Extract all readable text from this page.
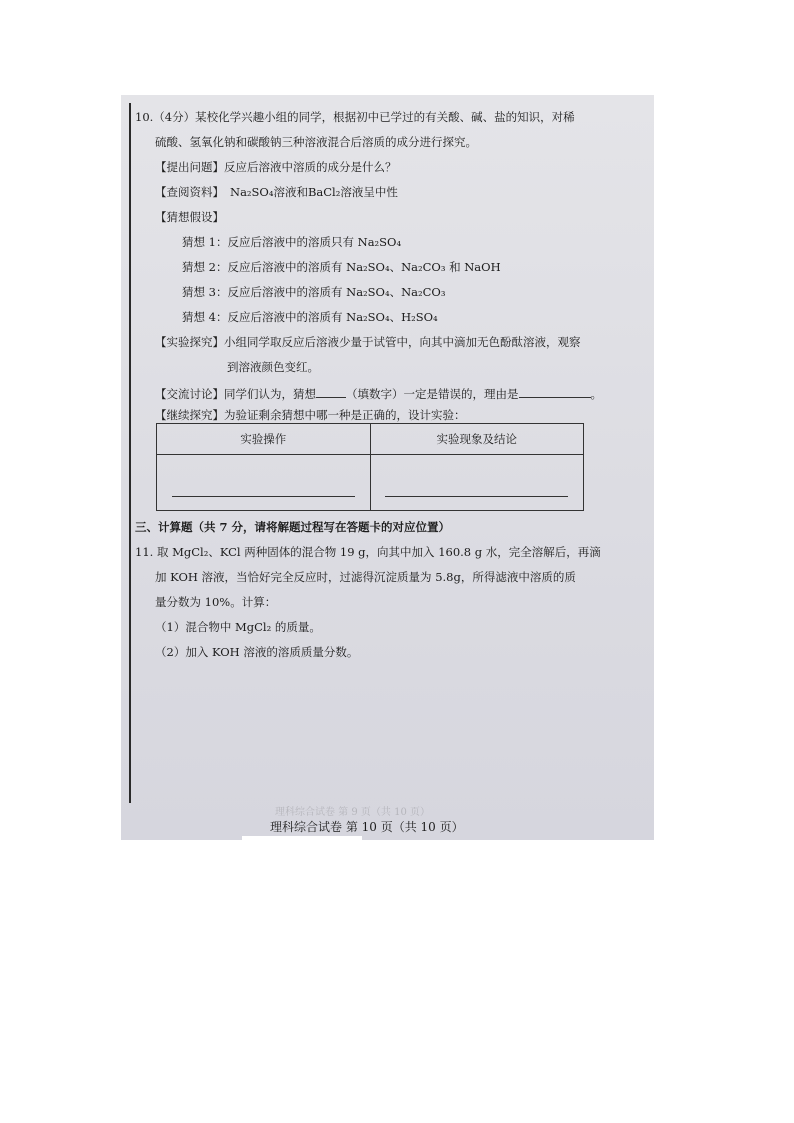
10.（4分）某校化学兴趣小组的同学，根据初中已学过的有关酸、碱、盐的知识，对稀
硫酸、氢氧化钠和碳酸钠三种溶液混合后溶质的成分进行探究。
【提出问题】反应后溶液中溶质的成分是什么？
【查阅资料】 Na₂SO₄溶液和BaCl₂溶液呈中性
【猜想假设】
猜想 1：反应后溶液中的溶质只有 Na₂SO₄
猜想 2：反应后溶液中的溶质有 Na₂SO₄、Na₂CO₃ 和 NaOH
猜想 3：反应后溶液中的溶质有 Na₂SO₄、Na₂CO₃
猜想 4：反应后溶液中的溶质有 Na₂SO₄、H₂SO₄
【实验探究】小组同学取反应后溶液少量于试管中，向其中滴加无色酚酞溶液，观察
到溶液颜色变红。
【交流讨论】同学们认为，猜想	（填数字）一定是错误的，理由是	。
【继续探究】为验证剩余猜想中哪一种是正确的，设计实验：
实验操作	实验现象及结论

三、计算题（共 7 分，请将解题过程写在答题卡的对应位置）
11. 取 MgCl₂、KCl 两种固体的混合物 19 g，向其中加入 160.8 g 水，完全溶解后，再滴
加 KOH 溶液，当恰好完全反应时，过滤得沉淀质量为 5.8g，所得滤液中溶质的质
量分数为 10%。计算：
（1）混合物中 MgCl₂ 的质量。
（2）加入 KOH 溶液的溶质质量分数。
理科综合试卷 第 9 页（共 10 页）
理科综合试卷 第 10 页（共 10 页）
